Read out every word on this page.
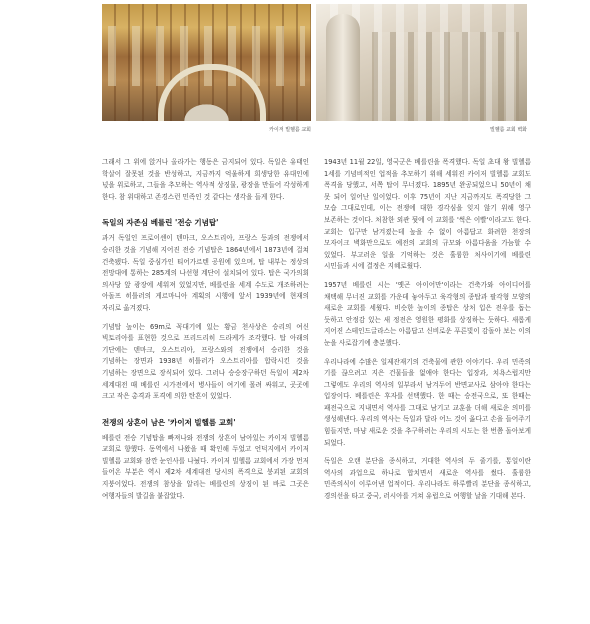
카이저 빌헬름 교회	빌헬름 교회 벽화

그래서 그 위에 앉거나 올라가는 행동은 금지되어 있다. 독일은 유태인 학살이 잘못된 것을 반성하고, 지금까지 억울하게 희생당한 유대인에 넋을 위로하고, 그들을 추모하는 역사적 상징물, 광장을 만들어 각성하게 한다. 참 위대하고 존경스런 민족인 것 같다는 생각을 들게 한다.

독일의 자존심 베를린 '전승 기념탑'

과거 독일인 프로이센이 덴마크, 오스트리아, 프랑스 등과의 전쟁에서 승리한 것을 기념해 지어진 전승 기념탑은 1864년에서 1873년에 걸쳐 건축됐다. 독일 중심가인 티어가르텐 공원에 있으며, 탑 내부는 정상의 전망대에 통하는 285계의 나선형 계단이 설치되어 있다. 탑은 국가의회 의사당 앞 광장에 세워져 있었지만, 베를린을 세계 수도로 개조하려는 아돌프 히틀러의 게르마니아 계획의 시행에 앞서 1939년에 현재의 자리로 옮겨졌다.

기념탑 높이는 69m로 꼭대기에 있는 황금 천사상은 승리의 여신 빅토리아를 표현한 것으로 프리드리히 드라케가 조각했다. 탑 아래의 기단에는 덴마크, 오스트리아, 프랑스와의 전쟁에서 승리한 것을 기념하는 장면과 1938년 히틀러가 오스트리아를 합락시킨 것을 기념하는 장면으로 장식되어 있다. 그러나 승승장구하던 독일이 제2차 세계대전 때 베를린 시가전에서 병사들이 여기에 몰려 싸워고, 곳곳에 크고 작은 총격과 포격에 의한 탄흔이 있었다.

전쟁의 상흔이 남은 '카이저 빌헬름 교회'

베를린 전승 기념탑을 빠져나와 전쟁의 상흔이 남아있는 카이저 빌헬름 교회로 향했다. 동역에서 나왔을 때 확인해 두었고 언덕지에서 카이저 빌헬름 교회와 잠깐 눈인사를 나눴다. 카이저 빌헬름 교회에서 가장 먼저 들어온 부분은 역시 제2차 세계대전 당시의 폭격으로 붕괴된 교회의 지붕이었다. 전쟁의 참상을 알리는 베를린의 상징이 된 바로 그곳은 여행자들의 발길을 붙잡았다.

1943년 11월 22일, 영국군은 베를린을 폭격했다. 독일 초대 왕 빌헬름 1세를 기념비적인 업적을 추모하기 위해 세워진 카이저 빌헬름 교회도 폭격을 당했고, 서쪽 탑이 무너졌다. 1895년 완공되었으니 50년이 채 못 되어 일어난 일이었다. 이후 75년이 지난 지금까지도 폭격당한 그 모습 그대로인데, 이는 전쟁에 대한 경각심을 잊지 않기 위해 영구 보존하는 것이다. 처참한 외관 뒷에 이 교회를 '썩은 이빨'이라고도 한다. 교회는 입구만 남겨졌는데 높을 수 없이 아름답고 화려한 천장의 모자이크 벽화만으로도 예전의 교회의 규모와 아름다움을 가늠할 수 있었다. 부고러운 일을 기억하는 것은 훌륭한 처사이기에 베를린 시민들과 시에 결정은 지혜로웠다.

1957년 베를린 시는 '옛곤 아이어만'이라는 건축가와 아이디어를 채택해 무너진 교회를 가운데 놓아두고 육각형의 종탑과 팔각형 모양의 새로운 교회를 세웠다. 비슷한 높이의 종탑은 상처 입은 전우를 돕는 듯하고 안정감 있는 새 정전은 영원한 평화를 상징하는 듯하다. 새롭게 지어진 스테인드글라스는 아름답고 신비로운 푸른빛이 감돌아 보는 이의 눈을 사로잡기에 충분했다.

우리나라에 수많은 일제잔재기의 건축물에 관한 이야기다. 우리 민족의 기를 끊으려고 지은 건물들을 없애야 한다는 입장과, 치욕스럽지만 그렇에도 우리의 역사의 일부라서 남겨두어 반면교사로 삼아야 한다는 입장이다. 베를린은 후자를 선택했다. 한 때는 승전국으로, 또 한때는 패전국으로 지내면서 역사를 그대로 남기고 교훈을 더해 새로운 의미를 생성해낸다. 우리의 역사는 독일과 달라 어느 것이 옳다고 손을 들어주기 힘들지만, 마냥 새로운 것을 추구하려는 우리의 시도는 한 번쯤 돌아보게 되었다.

독일은 오랜 분단을 종식하고, 거대한 역사의 두 줄기를, 통일이란 역사의 과업으로 하나로 합치면서 새로운 역사를 썼다. 훌륭한 민족의식이 이루어낸 업적이다. 우리나라도 하루빨리 분단을 종식하고, 경의선을 타고 중국, 러시아를 거쳐 유럽으로 여행할 날을 기대해 본다.
